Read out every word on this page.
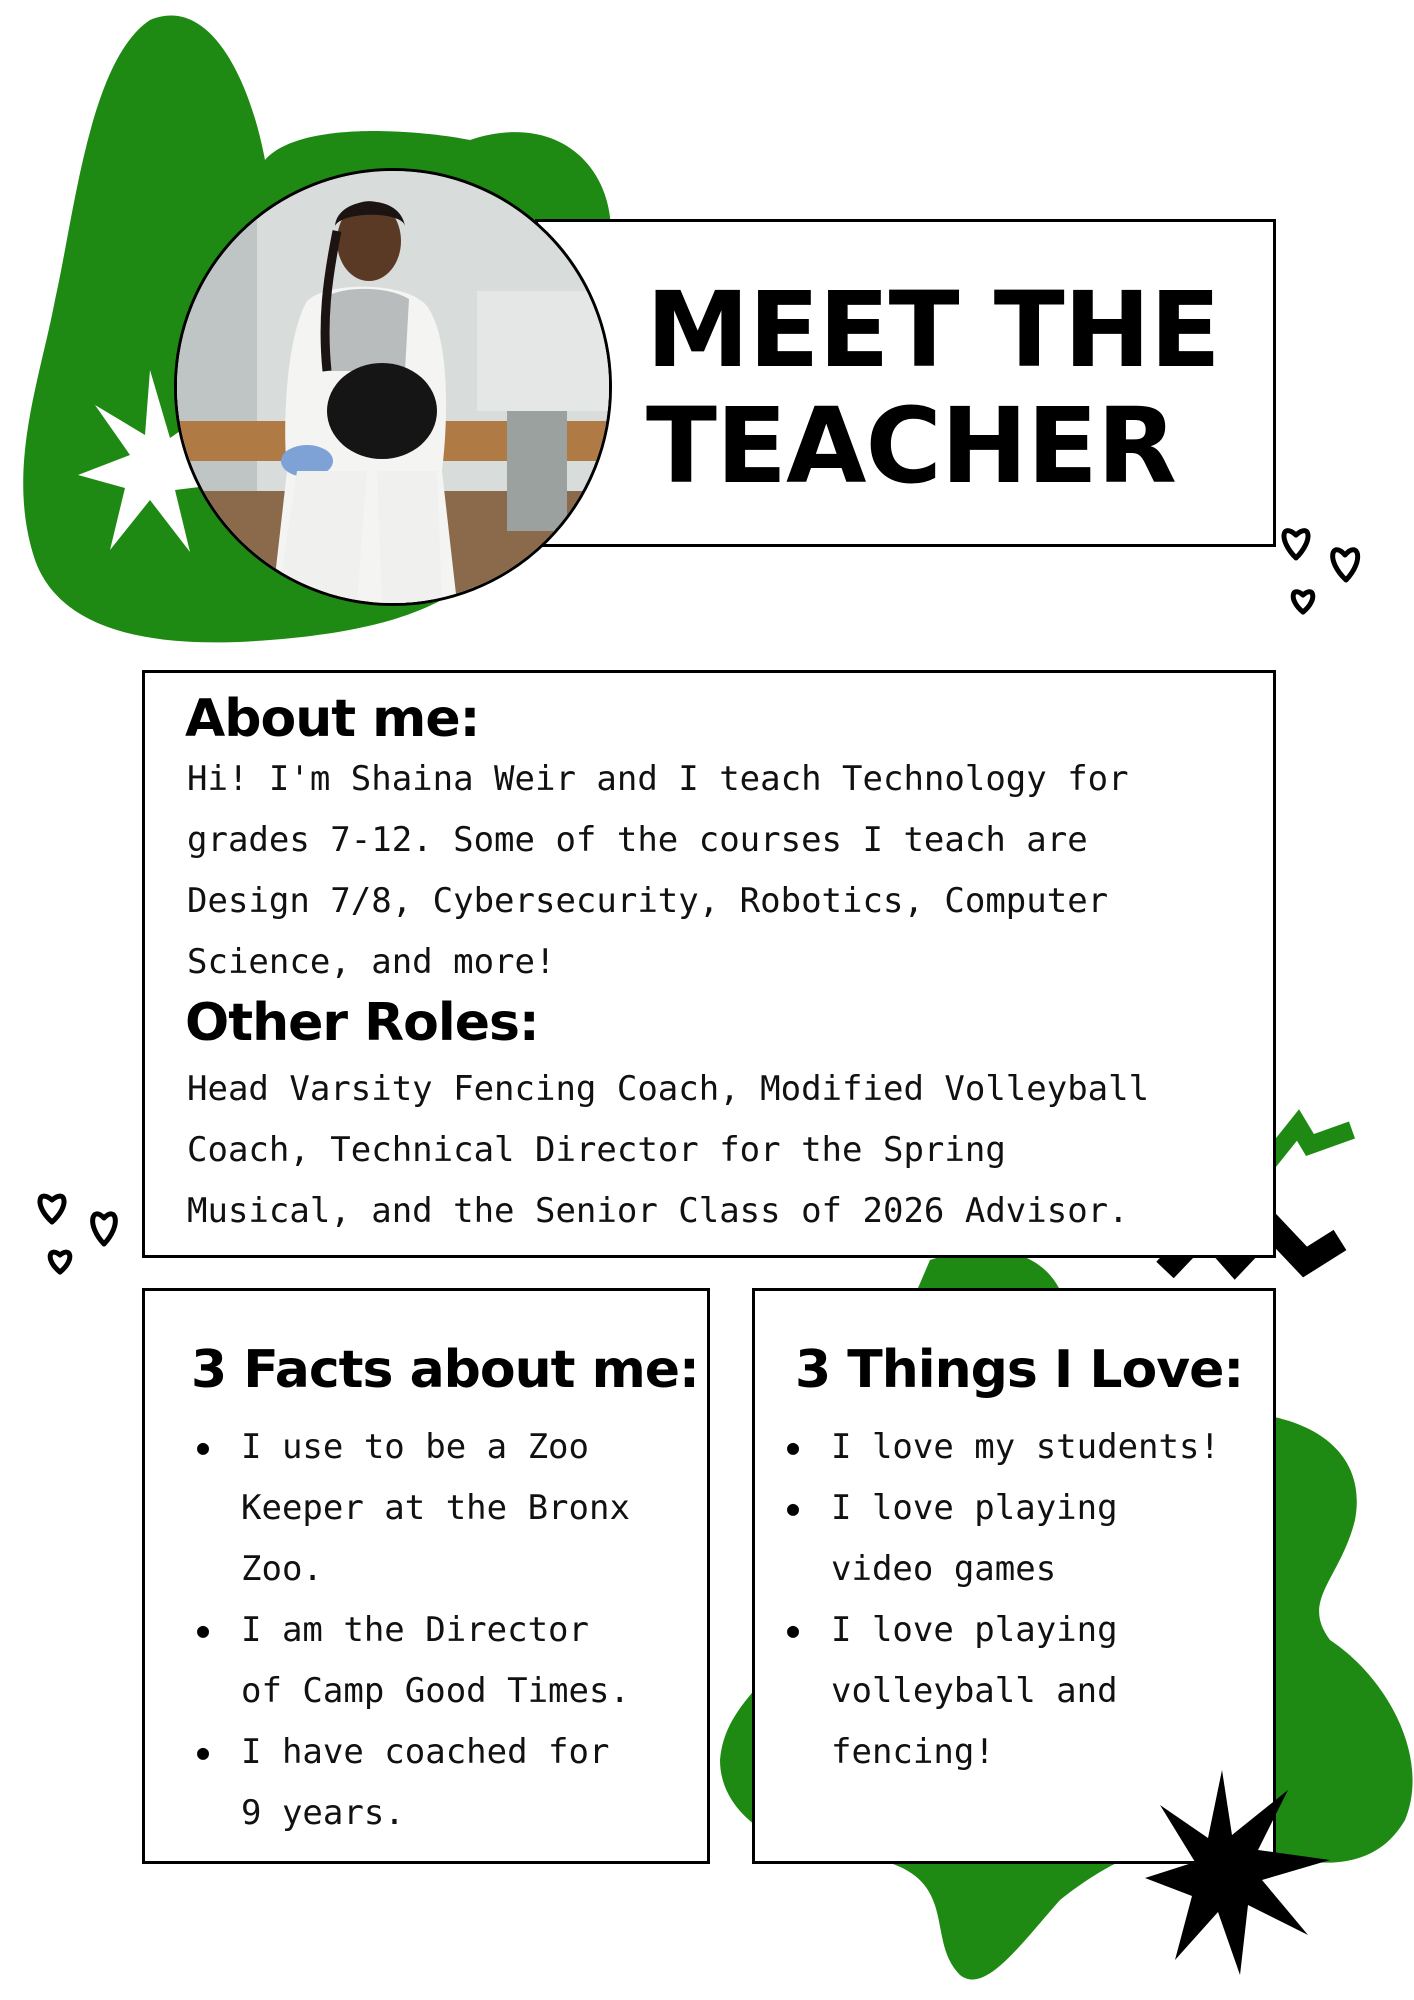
MEET THE
TEACHER
About me:

Hi! I'm Shaina Weir and I teach Technology for

grades 7-12. Some of the courses I teach are

Design 7/8, Cybersecurity, Robotics, Computer

Science, and more!

Other Roles:

Head Varsity Fencing Coach, Modified Volleyball

Coach, Technical Director for the Spring

Musical, and the Senior Class of 2026 Advisor.

3 Facts about me:
● I use to be a Zoo
Keeper at the Bronx
Zoo.
● I am the Director
of Camp Good Times.
● I have coached for
9 years.
3 Things I Love:
● I love my students!
● I love playing
video games
● I love playing
volleyball and
fencing!
